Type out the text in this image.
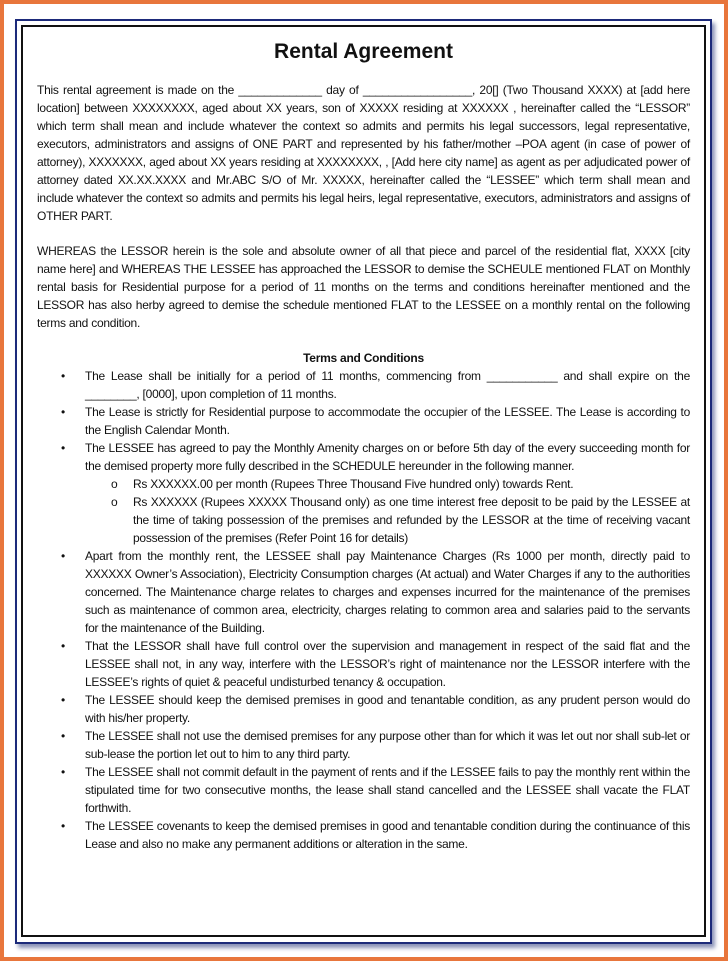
Rental Agreement

This rental agreement is made on the _____________ day of _________________, 20[] (Two Thousand XXXX) at [add here location] between XXXXXXXX, aged about XX years, son of XXXXX residing at XXXXXX , hereinafter called the “LESSOR” which term shall mean and include whatever the context so admits and permits his legal successors, legal representative, executors, administrators and assigns of ONE PART and represented by his father/mother –POA agent (in case of power of attorney), XXXXXXX, aged about XX years residing at XXXXXXXX, , [Add here city name] as agent as per adjudicated power of attorney dated XX.XX.XXXX and Mr.ABC S/O of Mr. XXXXX, hereinafter called the “LESSEE” which term shall mean and include whatever the context so admits and permits his legal heirs, legal representative, executors, administrators and assigns of OTHER PART.

WHEREAS the LESSOR herein is the sole and absolute owner of all that piece and parcel of the residential flat, XXXX [city name here] and WHEREAS THE LESSEE has approached the LESSOR to demise the SCHEULE mentioned FLAT on Monthly rental basis for Residential purpose for a period of 11 months on the terms and conditions hereinafter mentioned and the LESSOR has also herby agreed to demise the schedule mentioned FLAT to the LESSEE on a monthly rental on the following terms and condition.

Terms and Conditions
• The Lease shall be initially for a period of 11 months, commencing from ___________ and shall expire on the ________, [0000], upon completion of 11 months.
• The Lease is strictly for Residential purpose to accommodate the occupier of the LESSEE. The Lease is according to the English Calendar Month.
• The LESSEE has agreed to pay the Monthly Amenity charges on or before 5th day of the every succeeding month for the demised property more fully described in the SCHEDULE hereunder in the following manner.
o Rs XXXXXX.00 per month (Rupees Three Thousand Five hundred only) towards Rent.
o Rs XXXXXX (Rupees XXXXX Thousand only) as one time interest free deposit to be paid by the LESSEE at the time of taking possession of the premises and refunded by the LESSOR at the time of receiving vacant possession of the premises (Refer Point 16 for details)
• Apart from the monthly rent, the LESSEE shall pay Maintenance Charges (Rs 1000 per month, directly paid to XXXXXX Owner’s Association), Electricity Consumption charges (At actual) and Water Charges if any to the authorities concerned. The Maintenance charge relates to charges and expenses incurred for the maintenance of the premises such as maintenance of common area, electricity, charges relating to common area and salaries paid to the servants for the maintenance of the Building.
• That the LESSOR shall have full control over the supervision and management in respect of the said flat and the LESSEE shall not, in any way, interfere with the LESSOR’s right of maintenance nor the LESSOR interfere with the LESSEE’s rights of quiet & peaceful undisturbed tenancy & occupation.
• The LESSEE should keep the demised premises in good and tenantable condition, as any prudent person would do with his/her property.
• The LESSEE shall not use the demised premises for any purpose other than for which it was let out nor shall sub-let or sub-lease the portion let out to him to any third party.
• The LESSEE shall not commit default in the payment of rents and if the LESSEE fails to pay the monthly rent within the stipulated time for two consecutive months, the lease shall stand cancelled and the LESSEE shall vacate the FLAT forthwith.
• The LESSEE covenants to keep the demised premises in good and tenantable condition during the continuance of this Lease and also no make any permanent additions or alteration in the same.
